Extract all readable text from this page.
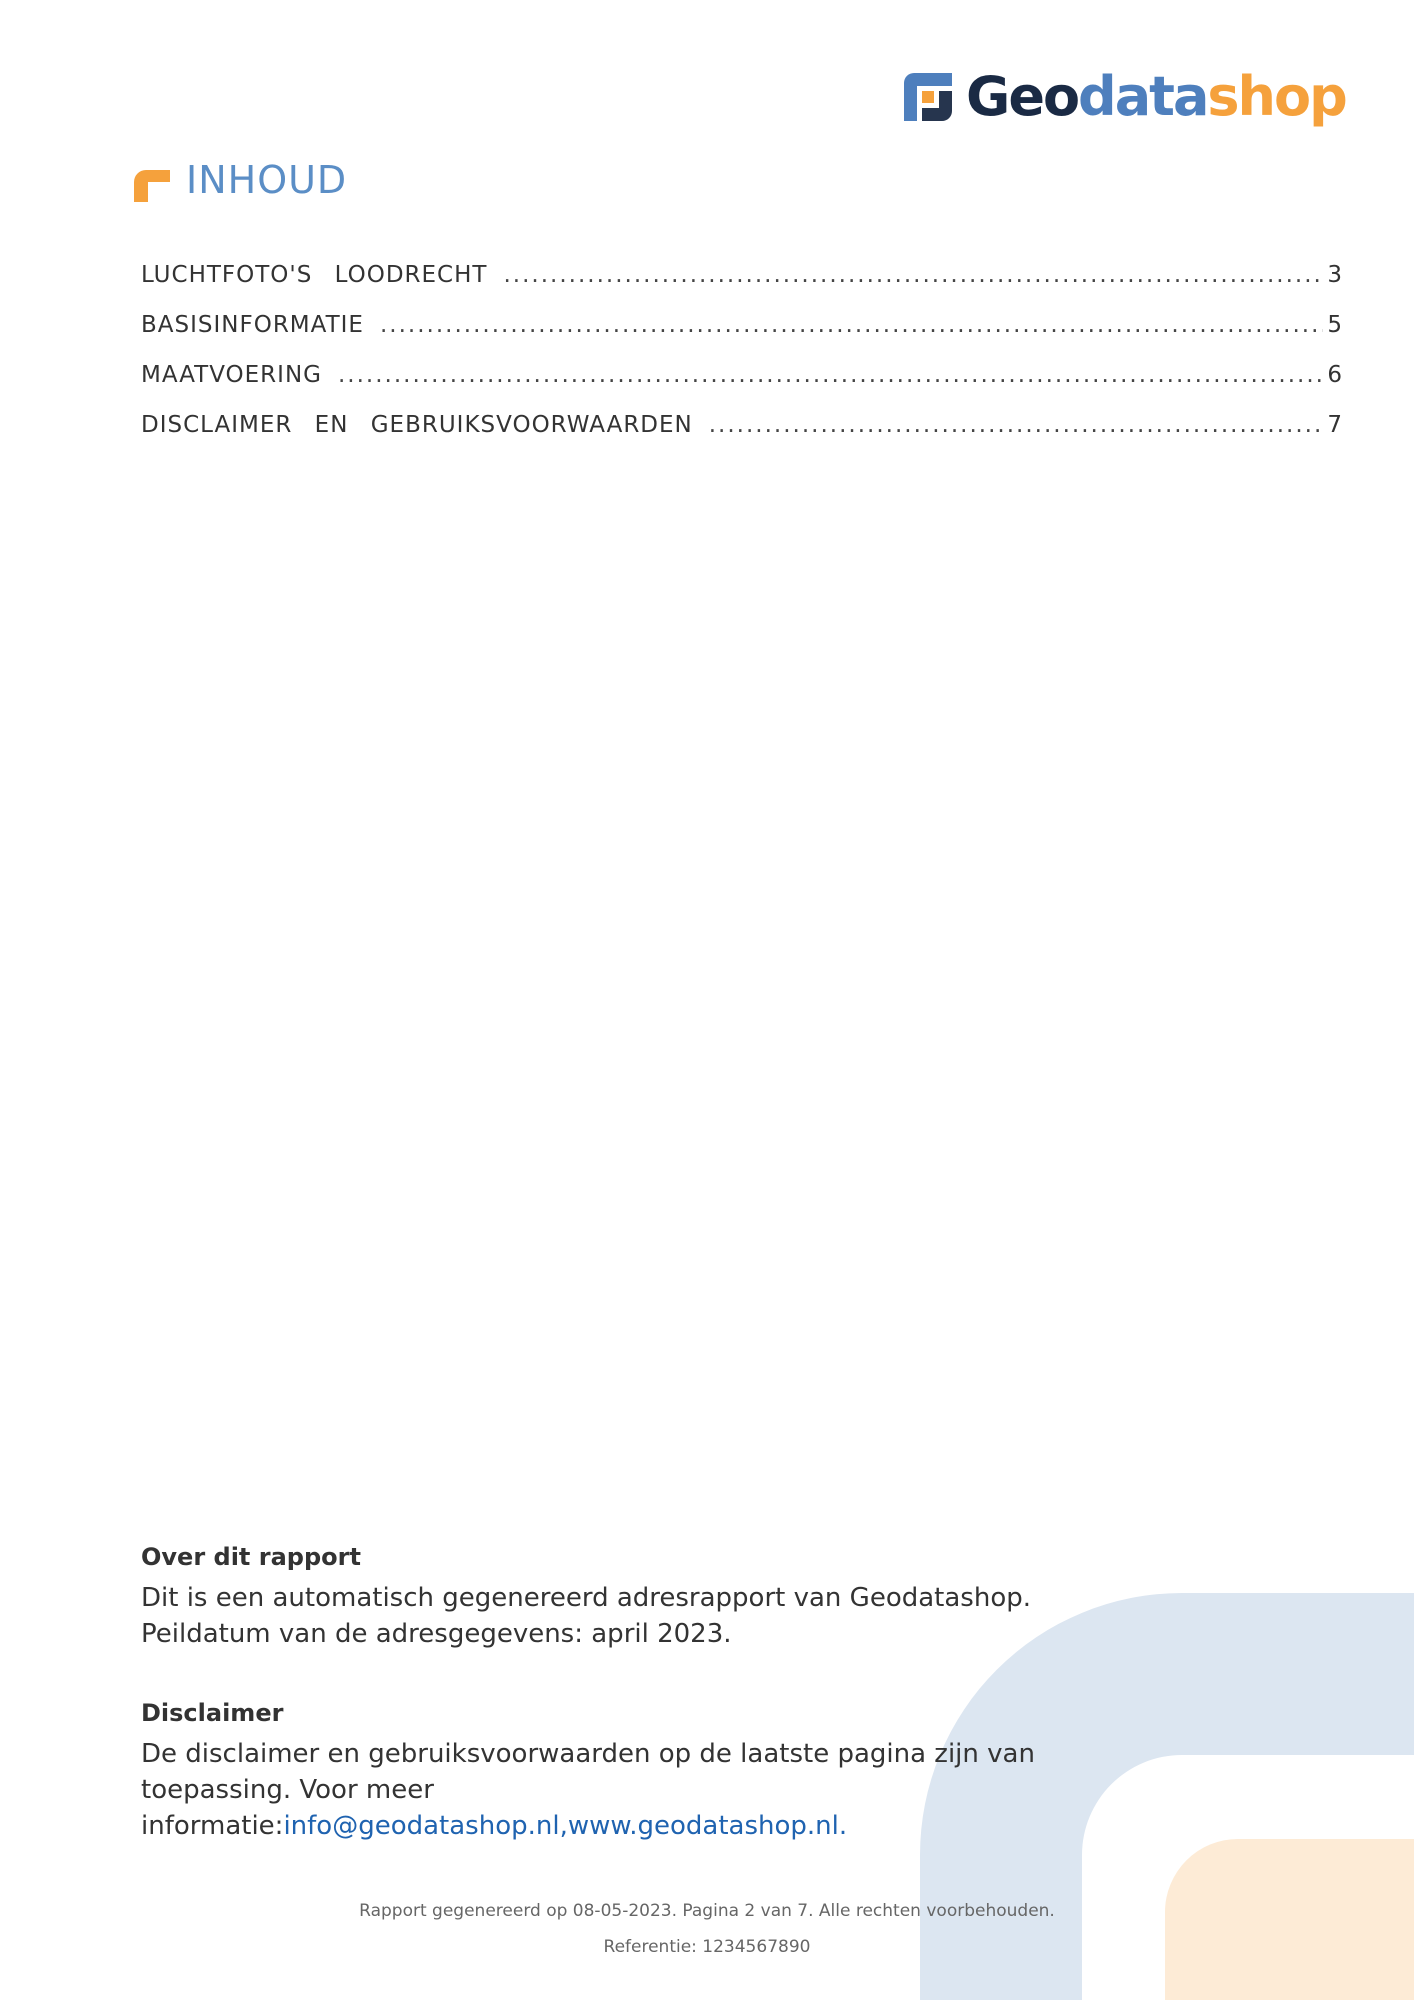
Geodatashop
INHOUD
LUCHTFOTO'S LOODRECHT .....	3
BASISINFORMATIE .....	5
MAATVOERING .....	6
DISCLAIMER EN GEBRUIKSVOORWAARDEN .....	7
Over dit rapport

Dit is een automatisch gegenereerd adresrapport van Geodatashop.
Peildatum van de adresgegevens: april 2023.

Disclaimer

De disclaimer en gebruiksvoorwaarden op de laatste pagina zijn van
toepassing. Voor meer informatie:info@geodatashop.nl,www.geodatashop.nl.

Rapport gegenereerd op 08-05-2023. Pagina 2 van 7. Alle rechten voorbehouden.
Referentie: 1234567890
